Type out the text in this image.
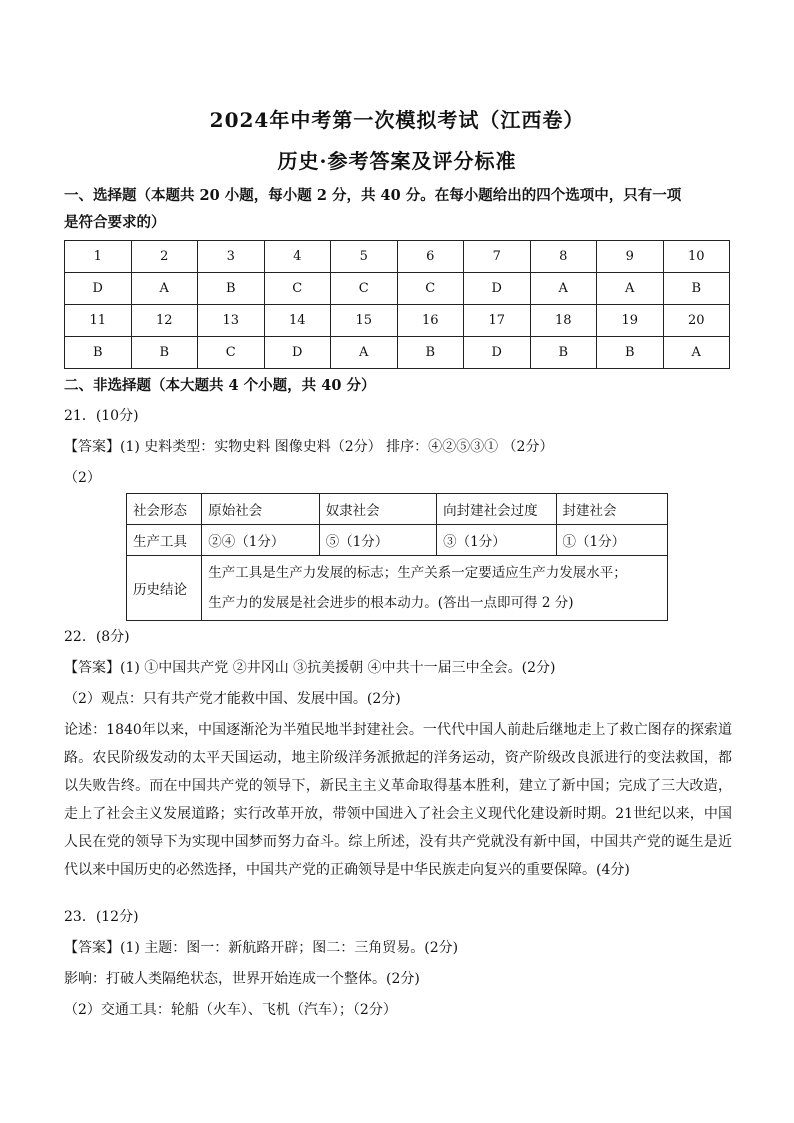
2024年中考第一次模拟考试（江西卷）
历史·参考答案及评分标准
一、选择题（本题共 20 小题，每小题 2 分，共 40 分。在每小题给出的四个选项中，只有一项
是符合要求的）
1	2	3	4	5	6	7	8	9	10
D	A	B	C	C	C	D	A	A	B
11	12	13	14	15	16	17	18	19	20
B	B	C	D	A	B	D	B	B	A
二、非选择题（本大题共 4 个小题，共 40 分）
21．(10分)
【答案】(1) 史料类型：实物史料 图像史料（2分） 排序：④②⑤③① （2分）
（2）
社会形态	原始社会	奴隶社会	向封建社会过度	封建社会
生产工具	②④（1分）	⑤（1分）	③（1分）	①（1分）
历史结论	生产工具是生产力发展的标志；生产关系一定要适应生产力发展水平；
生产力的发展是社会进步的根本动力。(答出一点即可得 2 分)			
22．(8分)
【答案】(1) ①中国共产党 ②井冈山 ③抗美援朝 ④中共十一届三中全会。(2分)
（2）观点：只有共产党才能救中国、发展中国。(2分)
论述：1840年以来，中国逐渐沦为半殖民地半封建社会。一代代中国人前赴后继地走上了救亡图存的探索道路。农民阶级发动的太平天国运动，地主阶级洋务派掀起的洋务运动，资产阶级改良派进行的变法救国，都以失败告终。而在中国共产党的领导下，新民主主义革命取得基本胜利，建立了新中国；完成了三大改造，走上了社会主义发展道路；实行改革开放，带领中国进入了社会主义现代化建设新时期。21世纪以来，中国人民在党的领导下为实现中国梦而努力奋斗。综上所述，没有共产党就没有新中国，中国共产党的诞生是近代以来中国历史的必然选择，中国共产党的正确领导是中华民族走向复兴的重要保障。(4分)
23．(12分)
【答案】(1) 主题：图一：新航路开辟；图二：三角贸易。(2分)
影响：打破人类隔绝状态，世界开始连成一个整体。(2分)
（2）交通工具：轮船（火车）、飞机（汽车）；（2分）
